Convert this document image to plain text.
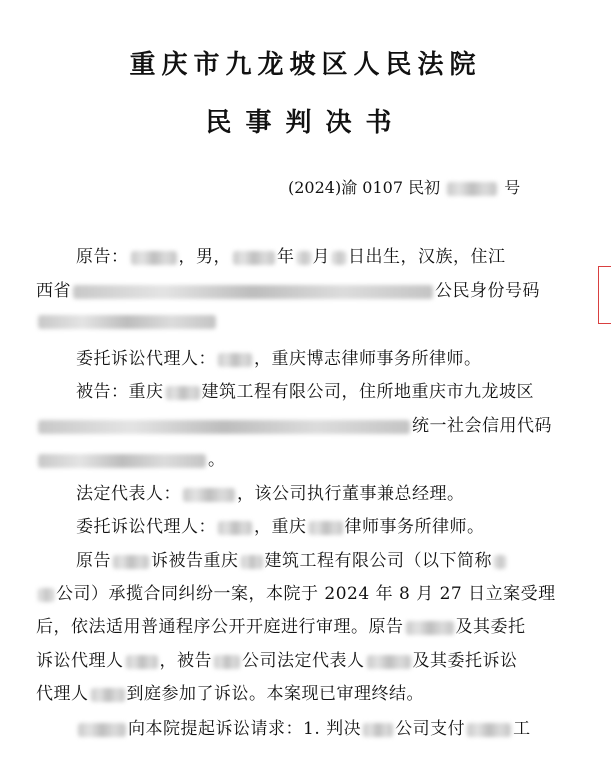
重庆市九龙坡区人民法院
民事判决书
(2024)渝 0107 民初	号
原告：	，男，	年 月 日出生，汉族，住江
西省	公民身份号码
委托诉讼代理人： ，重庆博志律师事务所律师。
被告：重庆 建筑工程有限公司，住所地重庆市九龙坡区
统一社会信用代码
。
法定代表人：	，该公司执行董事兼总经理。
委托诉讼代理人： ，重庆 律师事务所律师。
原告 诉被告重庆 建筑工程有限公司（以下简称
公司）承揽合同纠纷一案，本院于 2024 年 8 月 27 日立案受理
后，依法适用普通程序公开开庭进行审理。原告	及其委托
诉讼代理人 ，被告 公司法定代表人	及其委托诉讼
代理人 到庭参加了诉讼。本案现已审理终结。
向本院提起诉讼请求：1. 判决 公司支付	工
